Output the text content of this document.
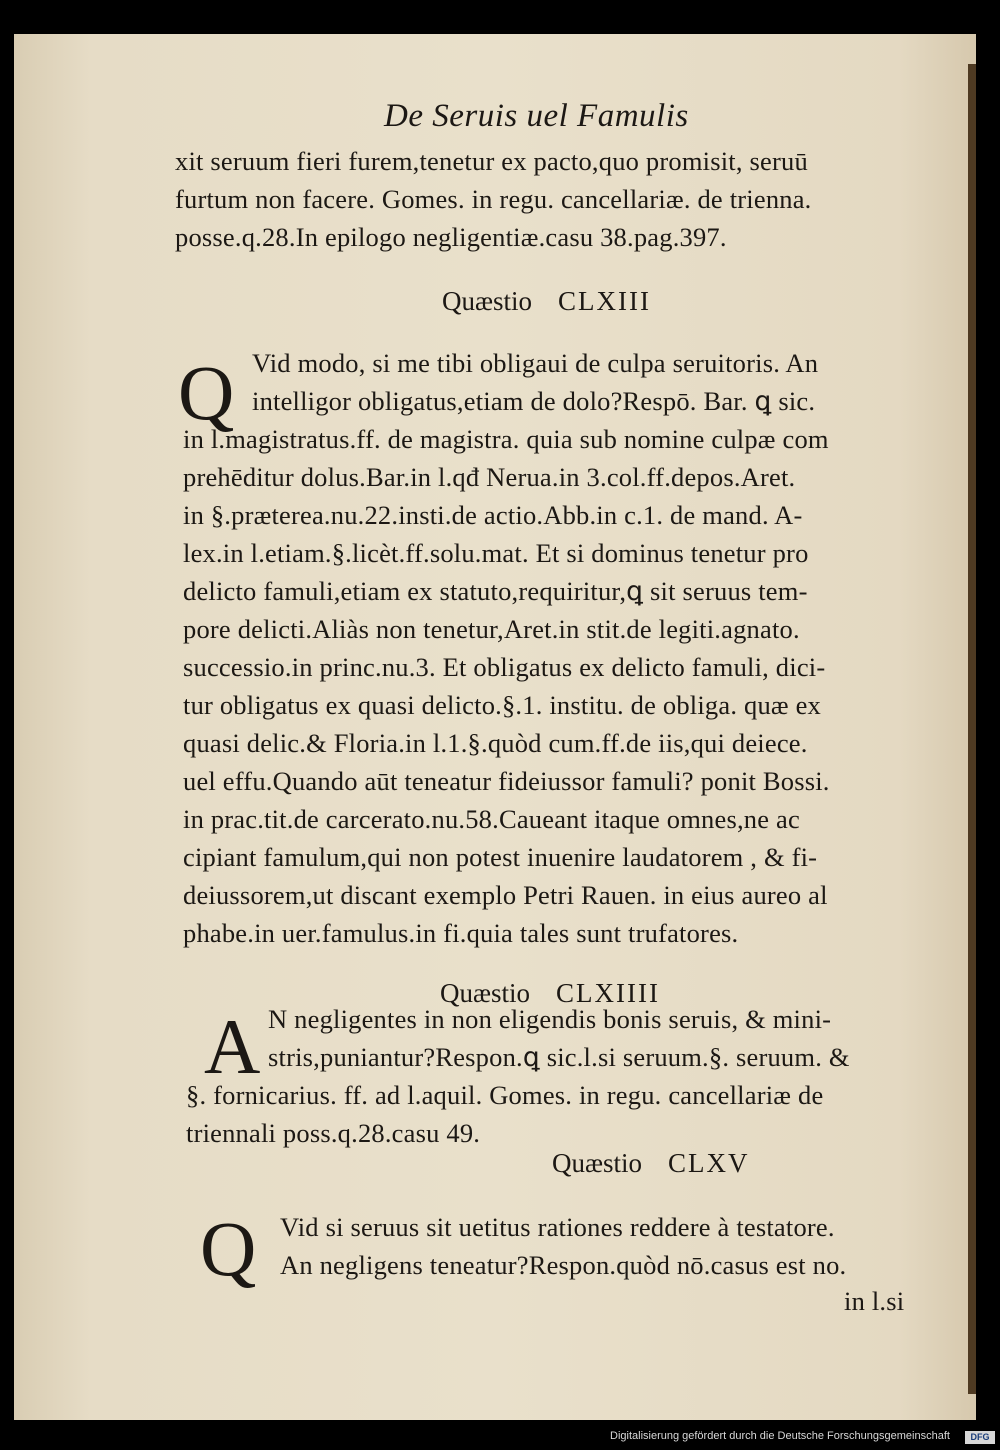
De Seruis uel Famulis
xit seruum fieri furem,tenetur ex pacto,quo promisit, seruū
furtum non facere. Gomes. in regu. cancellariæ. de trienna.
posse.q.28.In epilogo negligentiæ.casu 38.pag.397.
Quæstio CLXIII
Q Vid modo, si me tibi obligaui de culpa seruitoris. An
intelligor obligatus,etiam de dolo?Respō. Bar. ꝗ sic.
in l.magistratus.ff. de magistra. quia sub nomine culpæ com
prehēditur dolus.Bar.in l.qđ Nerua.in 3.col.ff.depos.Aret.
in §.præterea.nu.22.insti.de actio.Abb.in c.1. de mand. A-
lex.in l.etiam.§.licèt.ff.solu.mat. Et si dominus tenetur pro
delicto famuli,etiam ex statuto,requiritur,ꝗ sit seruus tem-
pore delicti.Aliàs non tenetur,Aret.in stit.de legiti.agnato.
successio.in princ.nu.3. Et obligatus ex delicto famuli, dici-
tur obligatus ex quasi delicto.§.1. institu. de obliga. quæ ex
quasi delic.& Floria.in l.1.§.quòd cum.ff.de iis,qui deiece.
uel effu.Quando aūt teneatur fideiussor famuli? ponit Bossi.
in prac.tit.de carcerato.nu.58.Caueant itaque omnes,ne ac
cipiant famulum,qui non potest inuenire laudatorem , & fi-
deiussorem,ut discant exemplo Petri Rauen. in eius aureo al
phabe.in uer.famulus.in fi.quia tales sunt trufatores.
Quæstio CLXIIII
A N negligentes in non eligendis bonis seruis, & mini-
stris,puniantur?Respon.ꝗ sic.l.si seruum.§. seruum. &
§. fornicarius. ff. ad l.aquil. Gomes. in regu. cancellariæ de
triennali poss.q.28.casu 49.
Quæstio CLXV
Q Vid si seruus sit uetitus rationes reddere à testatore.
An negligens teneatur?Respon.quòd nō.casus est no.
in l.si
Digitalisierung gefördert durch die Deutsche Forschungsgemeinschaft	DFG
